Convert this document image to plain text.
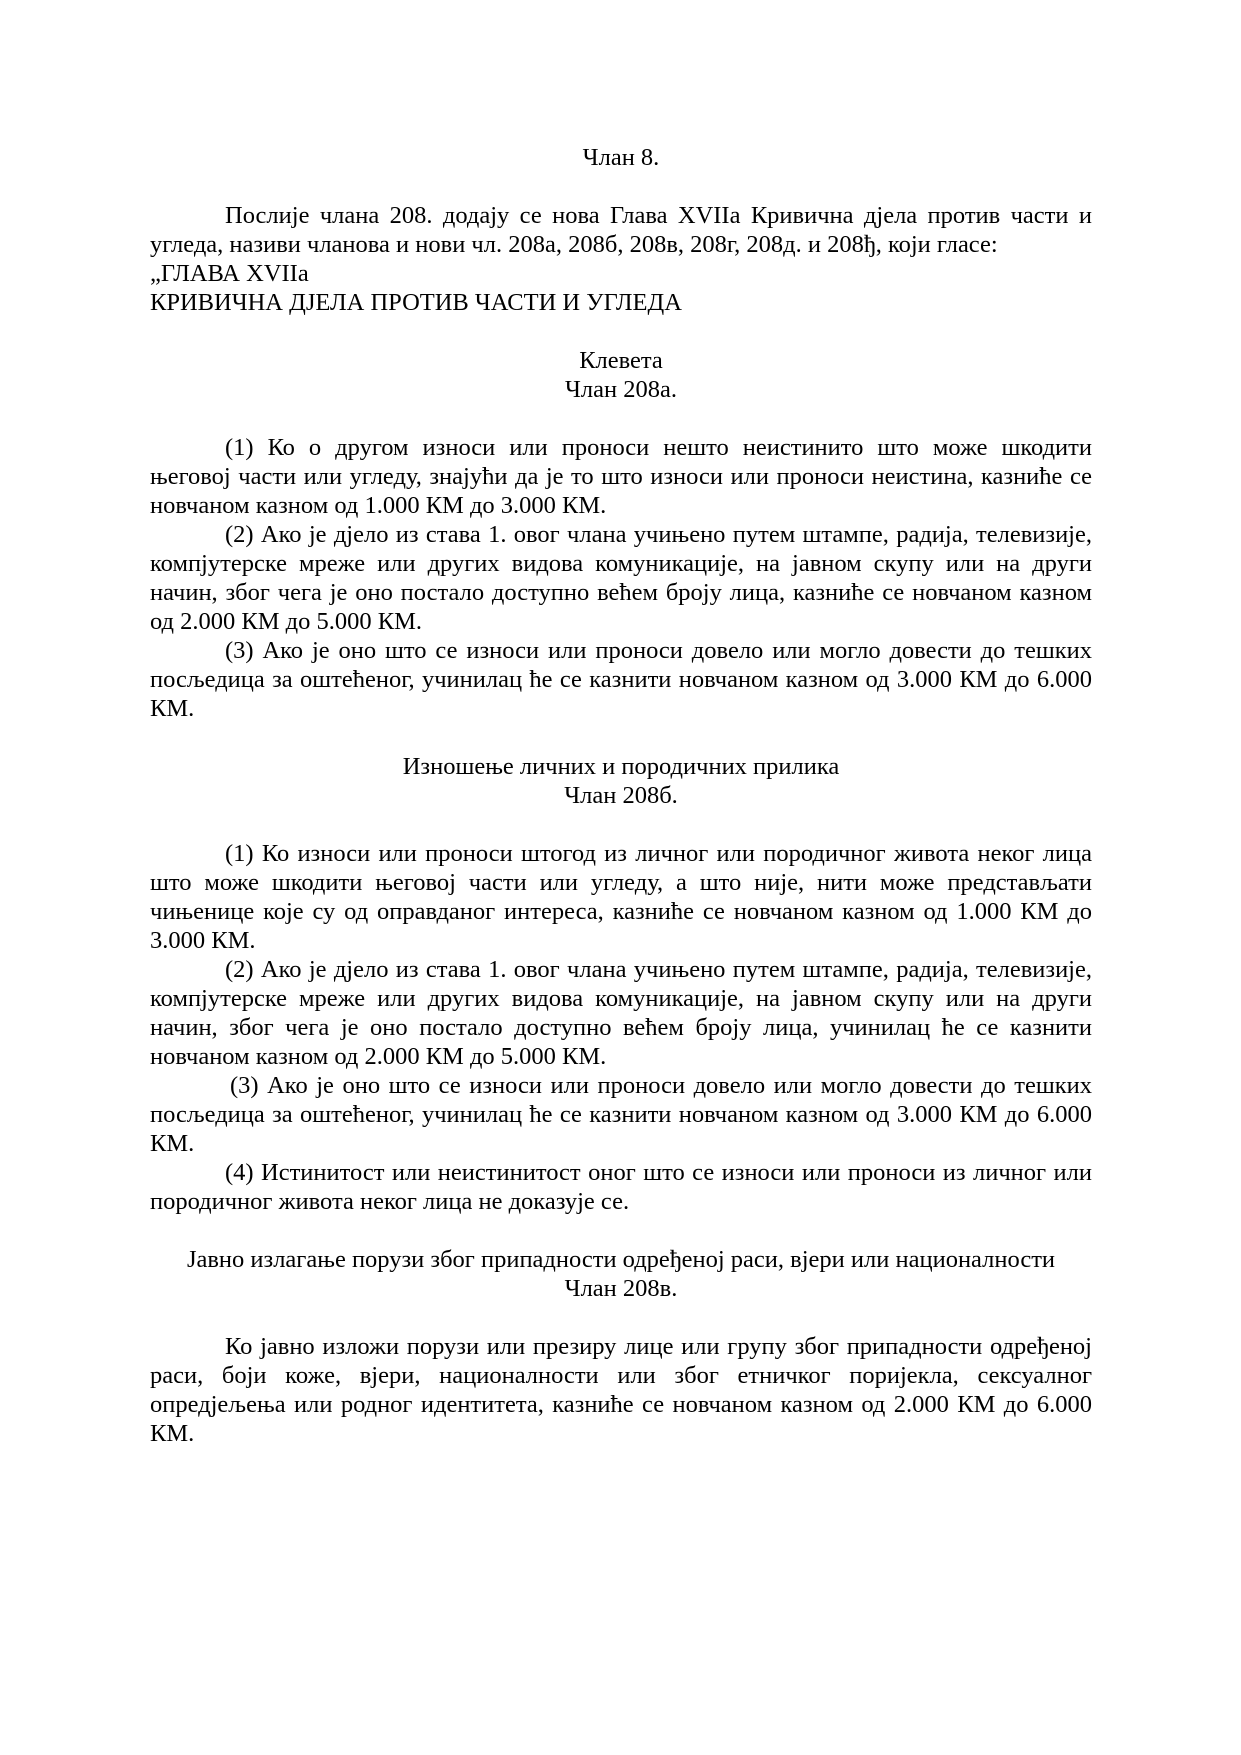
Члан 8.

Послије члана 208. додају се нова Глава XVIIа Кривична дјела против части и угледа, називи чланова и нови чл. 208а, 208б, 208в, 208г, 208д. и 208ђ, који гласе:

„ГЛАВА XVIIа

КРИВИЧНА ДЈЕЛА ПРОТИВ ЧАСТИ И УГЛЕДА

Клевета

Члан 208а.

(1) Ко о другом износи или проноси нешто неистинито што може шкодити његовој части или угледу, знајући да је то што износи или проноси неистина, казниће се новчаном казном од 1.000 КМ до 3.000 КМ.

(2) Ако је дјело из става 1. овог члана учињено путем штампе, радија, телевизије, компјутерске мреже или других видова комуникације, на јавном скупу или на други начин, због чега је оно постало доступно већем броју лица, казниће се новчаном казном од 2.000 КМ до 5.000 КМ.

(3) Ако је оно што се износи или проноси довело или могло довести до тешких посљедица за оштећеног, учинилац ће се казнити новчаном казном од 3.000 КМ до 6.000 КМ.

Изношење личних и породичних прилика

Члан 208б.

(1) Ко износи или проноси штогод из личног или породичног живота неког лица што може шкодити његовој части или угледу, а што није, нити може представљати чињенице које су од оправданог интереса, казниће се новчаном казном од 1.000 КМ до 3.000 КМ.

(2) Ако је дјело из става 1. овог члана учињено путем штампе, радија, телевизије, компјутерске мреже или других видова комуникације, на јавном скупу или на други начин, због чега је оно постало доступно већем броју лица, учинилац ће се казнити новчаном казном од 2.000 КМ до 5.000 КМ.

(3) Ако је оно што се износи или проноси довело или могло довести до тешких посљедица за оштећеног, учинилац ће се казнити новчаном казном од 3.000 КМ до 6.000 КМ.

(4) Истинитост или неистинитост оног што се износи или проноси из личног или породичног живота неког лица не доказује се.

Јавно излагање порузи због припадности одређеној раси, вјери или националности

Члан 208в.

Ко јавно изложи порузи или презиру лице или групу због припадности одређеној раси, боји коже, вјери, националности или због етничког поријекла, сексуалног опредјељења или родног идентитета, казниће се новчаном казном од 2.000 КМ до 6.000 КМ.
